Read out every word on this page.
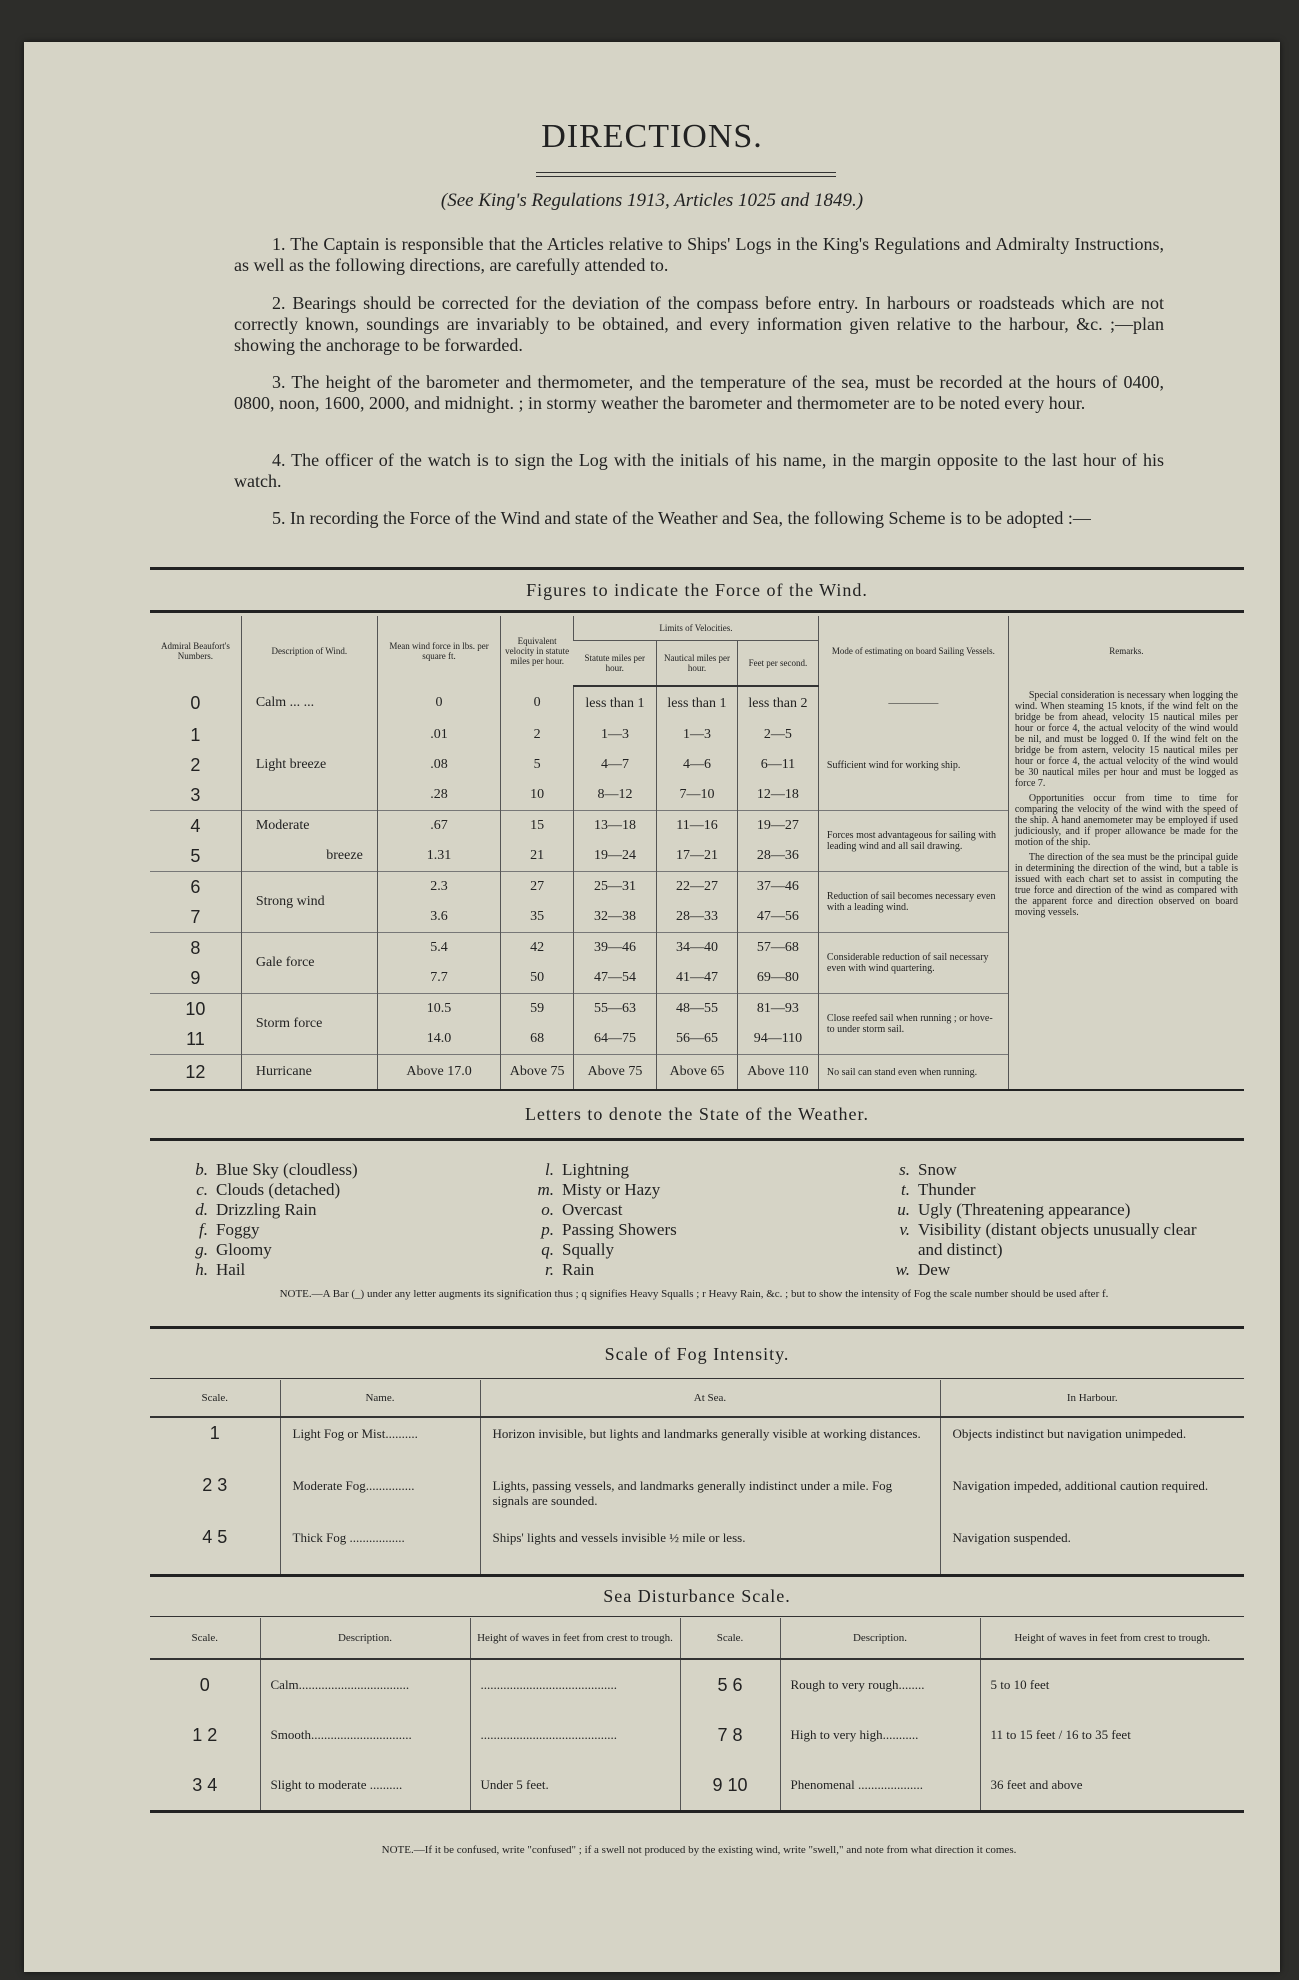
DIRECTIONS.
(See King's Regulations 1913, Articles 1025 and 1849.)
1. The Captain is responsible that the Articles relative to Ships' Logs in the King's Regulations and Admiralty Instructions, as well as the following directions, are carefully attended to.
2. Bearings should be corrected for the deviation of the compass before entry. In harbours or roadsteads which are not correctly known, soundings are invariably to be obtained, and every information given relative to the harbour, &c. ;—plan showing the anchorage to be forwarded.
3. The height of the barometer and thermometer, and the temperature of the sea, must be recorded at the hours of 0400, 0800, noon, 1600, 2000, and midnight. ; in stormy weather the barometer and thermometer are to be noted every hour.
4. The officer of the watch is to sign the Log with the initials of his name, in the margin opposite to the last hour of his watch.
5. In recording the Force of the Wind and state of the Weather and Sea, the following Scheme is to be adopted :—
Figures to indicate the Force of the Wind.
Admiral Beaufort's Numbers.	Description of Wind.	Mean wind force in lbs. per square ft.	Equivalent velocity in statute miles per hour.	Limits of Velocities.			Mode of estimating on board Sailing Vessels.	Remarks.
				Statute miles per hour.	Nautical miles per hour.	Feet per second.		
0	Calm ... ...	0	0	less than 1	less than 1	less than 2	—————	Special consideration is necessary when logging the wind. When steaming 15 knots, if the wind felt on the bridge be from ahead, velocity 15 nautical miles per hour or force 4, the actual velocity of the wind would be nil, and must be logged 0. If the wind felt on the bridge be from astern, velocity 15 nautical miles per hour or force 4, the actual velocity of the wind would be 30 nautical miles per hour and must be logged as force 7.

Opportunities occur from time to time for comparing the velocity of the wind with the speed of the ship. A hand anemometer may be employed if used judiciously, and if proper allowance be made for the motion of the ship.

The direction of the sea must be the principal guide in determining the direction of the wind, but a table is issued with each chart set to assist in computing the true force and direction of the wind as compared with the apparent force and direction observed on board moving vessels.

1	Light breeze	.01	2	1—3	1—3	2—5	Sufficient wind for working ship.	
2		.08	5	4—7	4—6	6—11		
3		.28	10	8—12	7—10	12—18		
4	Moderate	.67	15	13—18	11—16	19—27	Forces most advantageous for sailing with leading wind and all sail drawing.	
5	breeze	1.31	21	19—24	17—21	28—36		
6	Strong wind	2.3	27	25—31	22—27	37—46	Reduction of sail becomes necessary even with a leading wind.	
7		3.6	35	32—38	28—33	47—56		
8	Gale force	5.4	42	39—46	34—40	57—68	Considerable reduction of sail necessary even with wind quartering.	
9		7.7	50	47—54	41—47	69—80		
10	Storm force	10.5	59	55—63	48—55	81—93	Close reefed sail when running ; or hove-to under storm sail.	
11		14.0	68	64—75	56—65	94—110		
12	Hurricane	Above 17.0	Above 75	Above 75	Above 65	Above 110	No sail can stand even when running.	
Letters to denote the State of the Weather.
b. Blue Sky (cloudless)
c. Clouds (detached)
d. Drizzling Rain
f. Foggy
g. Gloomy
h. Hail
l. Lightning
m. Misty or Hazy
o. Overcast
p. Passing Showers
q. Squally
r. Rain
s. Snow
t. Thunder
u. Ugly (Threatening appearance)
v. Visibility (distant objects unusually clear and distinct)
w. Dew
NOTE.—A Bar (_) under any letter augments its signification thus ; q signifies Heavy Squalls ; r Heavy Rain, &c. ; but to show the intensity of Fog the scale number should be used after f.
Scale of Fog Intensity.
Scale.	Name.	At Sea.	In Harbour.
1	Light Fog or Mist..........	Horizon invisible, but lights and landmarks generally visible at working distances.	Objects indistinct but navigation unimpeded.
2 3	Moderate Fog...............	Lights, passing vessels, and landmarks generally indistinct under a mile. Fog signals are sounded.	Navigation impeded, additional caution required.
4 5	Thick Fog .................	Ships' lights and vessels invisible ½ mile or less.	Navigation suspended.
Sea Disturbance Scale.
Scale.	Description.	Height of waves in feet from crest to trough.	Scale.	Description.	Height of waves in feet from crest to trough.
0	Calm..................................	..........................................	5 6	Rough to very rough........	5 to 10 feet
1 2	Smooth...............................	..........................................	7 8	High to very high...........	11 to 15 feet / 16 to 35 feet
3 4	Slight to moderate ..........	Under 5 feet.	9 10	Phenomenal ....................	36 feet and above
NOTE.—If it be confused, write "confused" ; if a swell not produced by the existing wind, write "swell," and note from what direction it comes.
